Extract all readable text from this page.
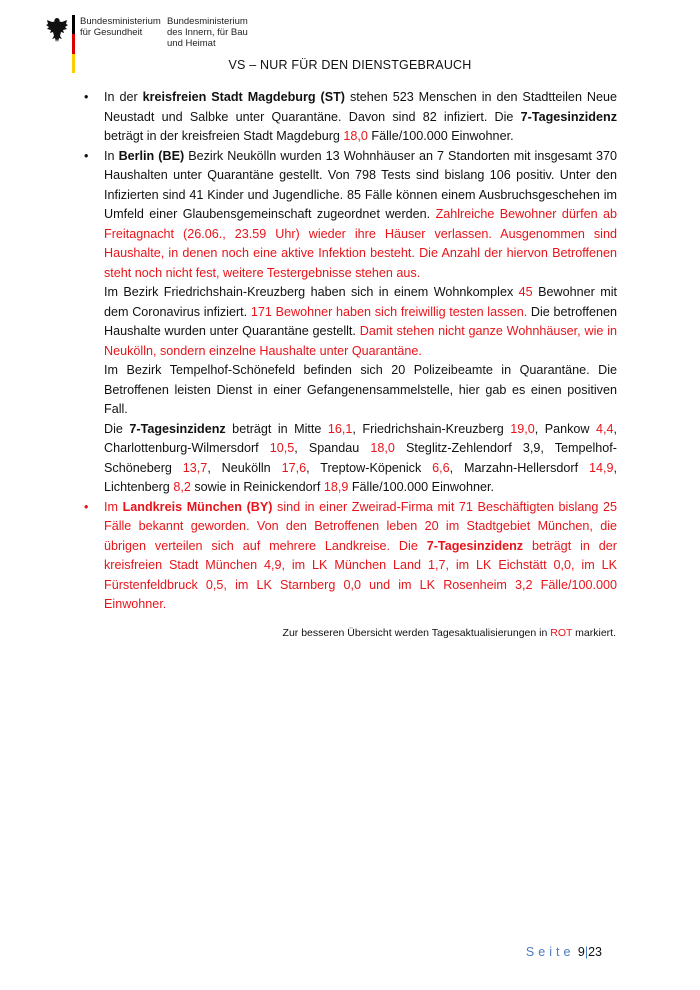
Bundesministerium
für Gesundheit
Bundesministerium
des Innern, für Bau
und Heimat
VS – NUR FÜR DEN DIENSTGEBRAUCH
• In der kreisfreien Stadt Magdeburg (ST) stehen 523 Menschen in den Stadtteilen Neue Neustadt und Salbke unter Quarantäne. Davon sind 82 infiziert. Die 7-Tagesinzidenz beträgt in der kreisfreien Stadt Magdeburg 18,0 Fälle/100.000 Einwohner.

• In Berlin (BE) Bezirk Neukölln wurden 13 Wohnhäuser an 7 Standorten mit insgesamt 370 Haushalten unter Quarantäne gestellt. Von 798 Tests sind bislang 106 positiv. Unter den Infizierten sind 41 Kinder und Jugendliche. 85 Fälle können einem Ausbruchsgeschehen im Umfeld einer Glaubensgemeinschaft zugeordnet werden. Zahlreiche Bewohner dürfen ab Freitagnacht (26.06., 23.59 Uhr) wieder ihre Häuser verlassen. Ausgenommen sind Haushalte, in denen noch eine aktive Infektion besteht. Die Anzahl der hiervon Betroffenen steht noch nicht fest, weitere Testergebnisse stehen aus.

Im Bezirk Friedrichshain-Kreuzberg haben sich in einem Wohnkomplex 45 Bewohner mit dem Coronavirus infiziert. 171 Bewohner haben sich freiwillig testen lassen. Die betroffenen Haushalte wurden unter Quarantäne gestellt. Damit stehen nicht ganze Wohnhäuser, wie in Neukölln, sondern einzelne Haushalte unter Quarantäne.

Im Bezirk Tempelhof-Schönefeld befinden sich 20 Polizeibeamte in Quarantäne. Die Betroffenen leisten Dienst in einer Gefangenensammelstelle, hier gab es einen positiven Fall.

Die 7-Tagesinzidenz beträgt in Mitte 16,1, Friedrichshain-Kreuzberg 19,0, Pankow 4,4, Charlottenburg-Wilmersdorf 10,5, Spandau 18,0 Steglitz-Zehlendorf 3,9, Tempelhof-Schöneberg 13,7, Neukölln 17,6, Treptow-Köpenick 6,6, Marzahn-Hellersdorf 14,9, Lichtenberg 8,2 sowie in Reinickendorf 18,9 Fälle/100.000 Einwohner.

• Im Landkreis München (BY) sind in einer Zweirad-Firma mit 71 Beschäftigten bislang 25 Fälle bekannt geworden. Von den Betroffenen leben 20 im Stadtgebiet München, die übrigen verteilen sich auf mehrere Landkreise. Die 7-Tagesinzidenz beträgt in der kreisfreien Stadt München 4,9, im LK München Land 1,7, im LK Eichstätt 0,0, im LK Fürstenfeldbruck 0,5, im LK Starnberg 0,0 und im LK Rosenheim 3,2 Fälle/100.000 Einwohner.

Zur besseren Übersicht werden Tagesaktualisierungen in ROT markiert.
Seite 9|23
